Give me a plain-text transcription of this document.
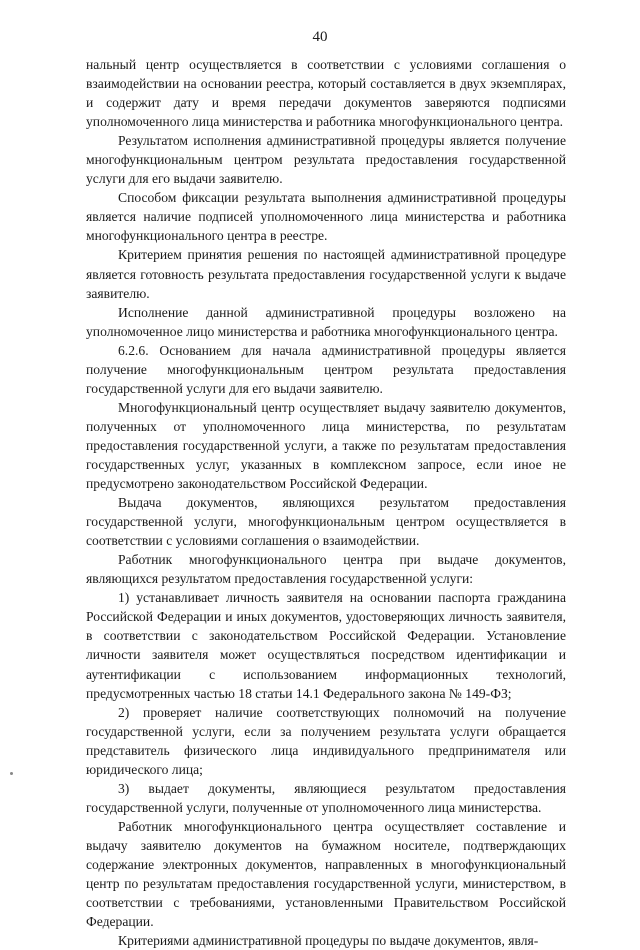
40

нальный центр осуществляется в соответствии с условиями соглашения о взаимодействии на основании реестра, который составляется в двух экземплярах, и содержит дату и время передачи документов заверяются подписями уполномоченного лица министерства и работника многофункционального центра.

Результатом исполнения административной процедуры является получение многофункциональным центром результата предоставления государственной услуги для его выдачи заявителю.

Способом фиксации результата выполнения административной процедуры является наличие подписей уполномоченного лица министерства и работника многофункционального центра в реестре.

Критерием принятия решения по настоящей административной процедуре является готовность результата предоставления государственной услуги к выдаче заявителю.

Исполнение данной административной процедуры возложено на уполномоченное лицо министерства и работника многофункционального центра.

6.2.6. Основанием для начала административной процедуры является получение многофункциональным центром результата предоставления государственной услуги для его выдачи заявителю.

Многофункциональный центр осуществляет выдачу заявителю документов, полученных от уполномоченного лица министерства, по результатам предоставления государственной услуги, а также по результатам предоставления государственных услуг, указанных в комплексном запросе, если иное не предусмотрено законодательством Российской Федерации.

Выдача документов, являющихся результатом предоставления государственной услуги, многофункциональным центром осуществляется в соответствии с условиями соглашения о взаимодействии.

Работник многофункционального центра при выдаче документов, являющихся результатом предоставления государственной услуги:

1) устанавливает личность заявителя на основании паспорта гражданина Российской Федерации и иных документов, удостоверяющих личность заявителя, в соответствии с законодательством Российской Федерации. Установление личности заявителя может осуществляться посредством идентификации и аутентификации с использованием информационных технологий, предусмотренных частью 18 статьи 14.1 Федерального закона № 149-ФЗ;

2) проверяет наличие соответствующих полномочий на получение государственной услуги, если за получением результата услуги обращается представитель физического лица индивидуального предпринимателя или юридического лица;

3) выдает документы, являющиеся результатом предоставления государственной услуги, полученные от уполномоченного лица министерства.

Работник многофункционального центра осуществляет составление и выдачу заявителю документов на бумажном носителе, подтверждающих содержание электронных документов, направленных в многофункциональный центр по результатам предоставления государственной услуги, министерством, в соответствии с требованиями, установленными Правительством Российской Федерации.

Критериями административной процедуры по выдаче документов, явля-
